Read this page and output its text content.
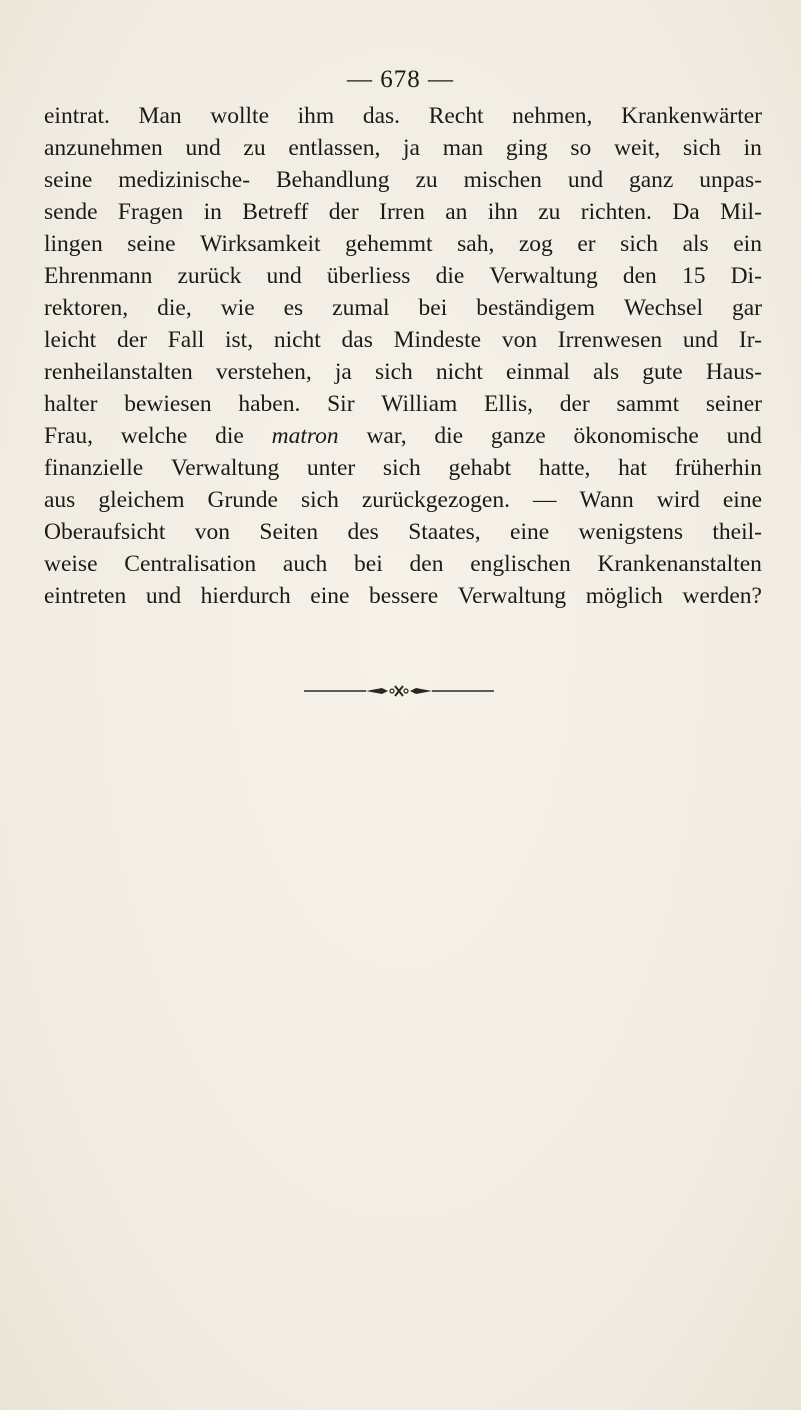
— 678 —
eintrat. Man wollte ihm das. Recht nehmen, Krankenwärter
anzunehmen und zu entlassen, ja man ging so weit, sich in
seine medizinische- Behandlung zu mischen und ganz unpas-
sende Fragen in Betreff der Irren an ihn zu richten. Da Mil-
lingen seine Wirksamkeit gehemmt sah, zog er sich als ein
Ehrenmann zurück und überliess die Verwaltung den 15 Di-
rektoren, die, wie es zumal bei beständigem Wechsel gar
leicht der Fall ist, nicht das Mindeste von Irrenwesen und Ir-
renheilanstalten verstehen, ja sich nicht einmal als gute Haus-
halter bewiesen haben. Sir William Ellis, der sammt seiner
Frau, welche die matron war, die ganze ökonomische und
finanzielle Verwaltung unter sich gehabt hatte, hat früherhin
aus gleichem Grunde sich zurückgezogen. — Wann wird eine
Oberaufsicht von Seiten des Staates, eine wenigstens theil-
weise Centralisation auch bei den englischen Krankenanstalten
eintreten und hierdurch eine bessere Verwaltung möglich werden?
